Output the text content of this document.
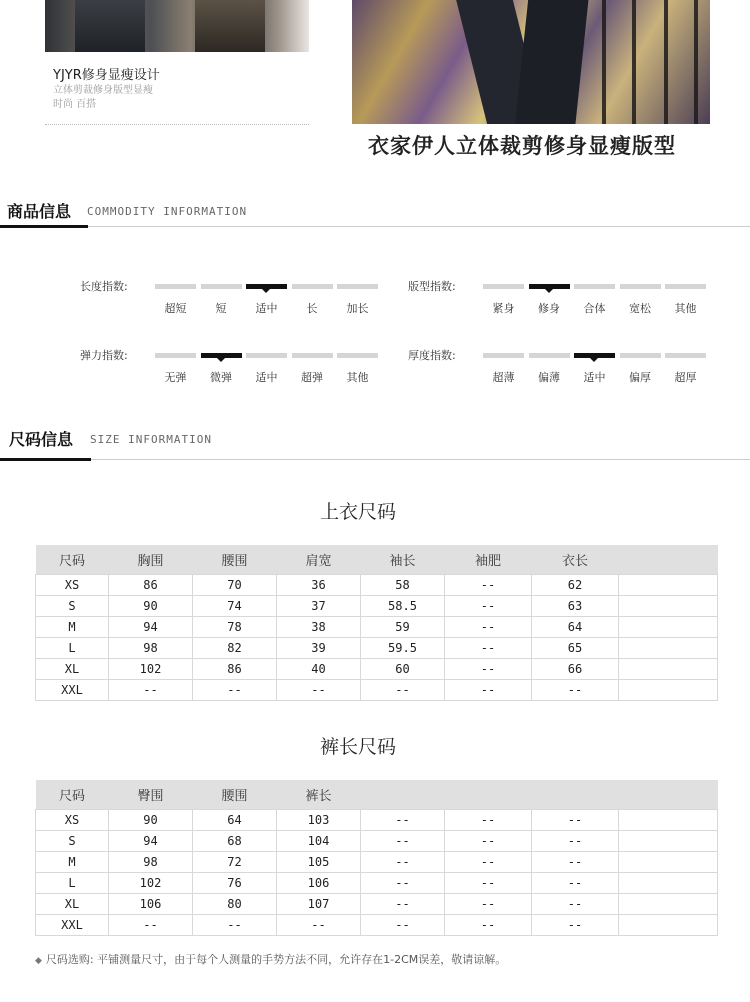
YJYR修身显瘦设计
立体剪裁修身版型显瘦
时尚 百搭
衣家伊人立体裁剪修身显瘦版型
商品信息 COMMODITY INFORMATION
长度指数:
超短	短	适中	长	加长
版型指数:
紧身	修身	合体	宽松	其他
弹力指数:
无弹	微弹	适中	超弹	其他
厚度指数:
超薄	偏薄	适中	偏厚	超厚
尺码信息 SIZE INFORMATION
上衣尺码
尺码	胸围	腰围	肩宽	袖长	袖肥	衣长	
XS	86	70	36	58	--	62	
S	90	74	37	58.5	--	63	
M	94	78	38	59	--	64	
L	98	82	39	59.5	--	65	
XL	102	86	40	60	--	66	
XXL	--	--	--	--	--	--	
裤长尺码
尺码	臀围	腰围	裤长				
XS	90	64	103	--	--	--	
S	94	68	104	--	--	--	
M	98	72	105	--	--	--	
L	102	76	106	--	--	--	
XL	106	80	107	--	--	--	
XXL	--	--	--	--	--	--	
◆ 尺码选购: 平铺测量尺寸，由于每个人测量的手势方法不同，允许存在1-2CM误差，敬请谅解。
